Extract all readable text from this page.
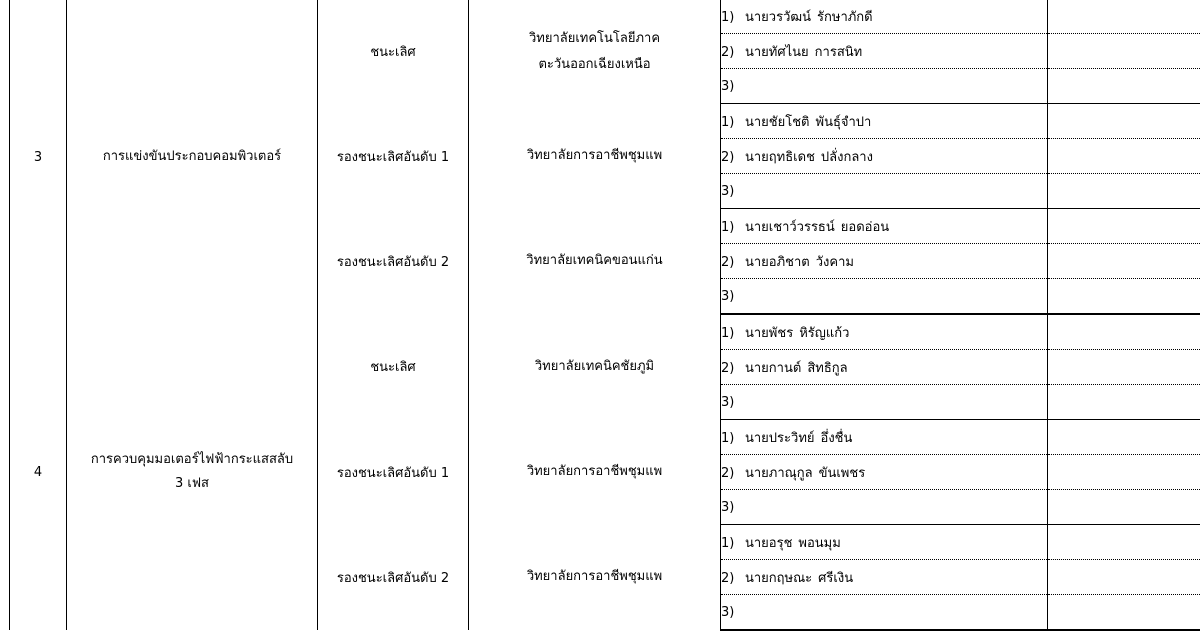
3	การแข่งขันประกอบคอมพิวเตอร์	ชนะเลิศ	วิทยาลัยเทคโนโลยีภาค
ตะวันออกเฉียงเหนือ	1) นายวรวัฒน์ รักษาภักดี	
				2) นายทัศไนย การสนิท	
				3)	
		รองชนะเลิศอันดับ 1	วิทยาลัยการอาชีพชุมแพ	1) นายชัยโชติ พันธุ์จำปา	
				2) นายฤทธิเดช ปลั่งกลาง	
				3)	
		รองชนะเลิศอันดับ 2	วิทยาลัยเทคนิคขอนแก่น	1) นายเชาว์วรรธน์ ยอดอ่อน	
				2) นายอภิชาต วังคาม	
				3)	
4	การควบคุมมอเตอร์ไฟฟ้ากระแสสลับ
3 เฟส	ชนะเลิศ	วิทยาลัยเทคนิคชัยภูมิ	1) นายพัชร หิรัญแก้ว	
				2) นายกานต์ สิทธิกูล	
				3)	
		รองชนะเลิศอันดับ 1	วิทยาลัยการอาชีพชุมแพ	1) นายประวิทย์ อึ่งชื่น	
				2) นายภาณุกูล ขันเพชร	
				3)	
		รองชนะเลิศอันดับ 2	วิทยาลัยการอาชีพชุมแพ	1) นายอรุช พอนมุม	
				2) นายกฤษณะ ศรีเงิน	
				3)	
